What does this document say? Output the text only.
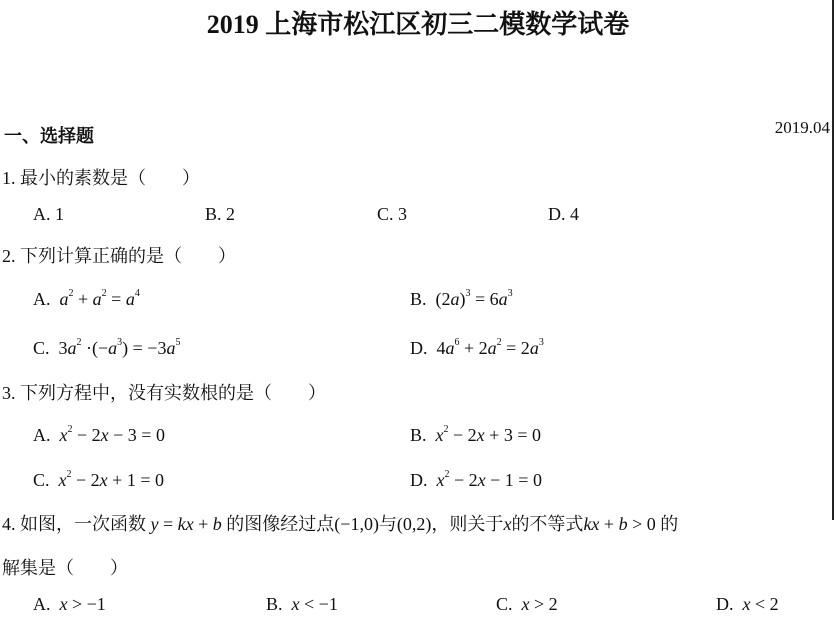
2019 上海市松江区初三二模数学试卷
2019.04
一、选择题
1. 最小的素数是（　　）
A. 1	B. 2	C. 3	D. 4
2. 下列计算正确的是（　　）
A. $a^2 + a^2 = a^4$	B.  $(2a)^3 = 6a^3$
C.  $3a^2 \cdot(-a^3) = -3a^5$	D.  $4a^6 + 2a^2 = 2a^3$
3. 下列方程中，没有实数根的是（　　）
A. $x^2 - 2x - 3 = 0$	B. $x^2 - 2x + 3 = 0$
C. $x^2 - 2x + 1 = 0$	D. $x^2 - 2x - 1 = 0$
4. 如图，一次函数 y = kx + b 的图像经过点(−1,0)与(0,2)，则关于x的不等式kx + b > 0 的
解集是（　　）
A. x > −1	B. x < −1	C. x > 2	D. x < 2
